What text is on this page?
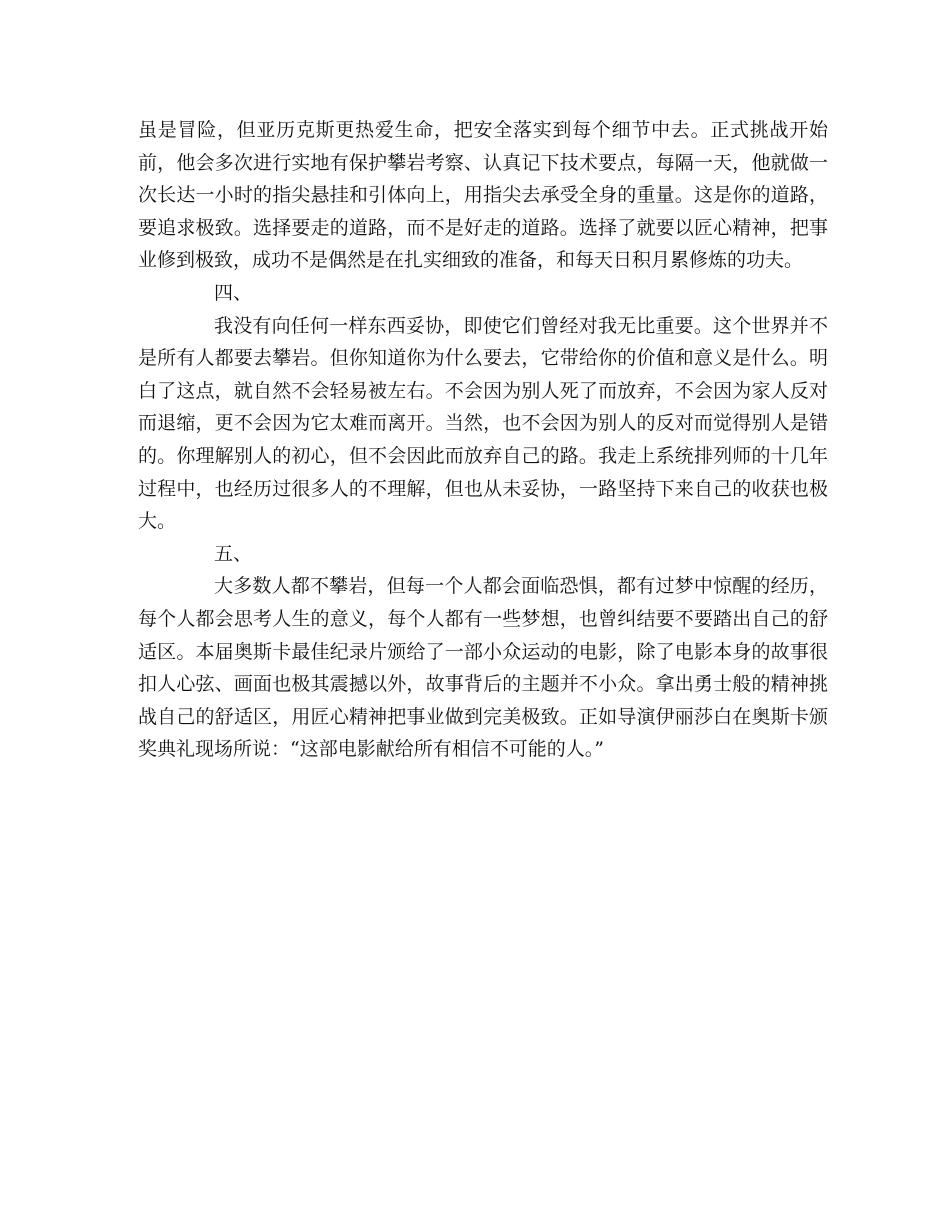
虽是冒险，但亚历克斯更热爱生命，把安全落实到每个细节中去。正式挑战开始前，他会多次进行实地有保护攀岩考察、认真记下技术要点，每隔一天，他就做一次长达一小时的指尖悬挂和引体向上，用指尖去承受全身的重量。这是你的道路，要追求极致。选择要走的道路，而不是好走的道路。选择了就要以匠心精神，把事业修到极致，成功不是偶然是在扎实细致的准备，和每天日积月累修炼的功夫。

四、

我没有向任何一样东西妥协，即使它们曾经对我无比重要。这个世界并不是所有人都要去攀岩。但你知道你为什么要去，它带给你的价值和意义是什么。明白了这点，就自然不会轻易被左右。不会因为别人死了而放弃，不会因为家人反对而退缩，更不会因为它太难而离开。当然，也不会因为别人的反对而觉得别人是错的。你理解别人的初心，但不会因此而放弃自己的路。我走上系统排列师的十几年过程中，也经历过很多人的不理解，但也从未妥协，一路坚持下来自己的收获也极大。

五、

大多数人都不攀岩，但每一个人都会面临恐惧，都有过梦中惊醒的经历，每个人都会思考人生的意义，每个人都有一些梦想，也曾纠结要不要踏出自己的舒适区。本届奥斯卡最佳纪录片颁给了一部小众运动的电影，除了电影本身的故事很扣人心弦、画面也极其震撼以外，故事背后的主题并不小众。拿出勇士般的精神挑战自己的舒适区，用匠心精神把事业做到完美极致。正如导演伊丽莎白在奥斯卡颁奖典礼现场所说：“这部电影献给所有相信不可能的人。”
